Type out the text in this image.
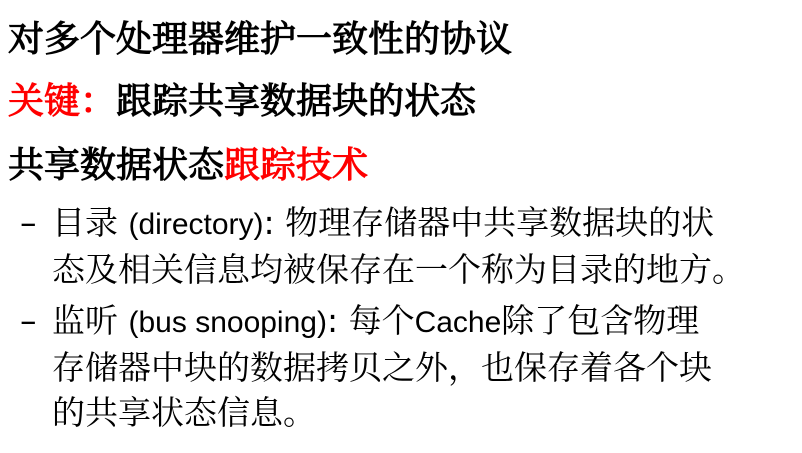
对多个处理器维护一致性的协议
关键：跟踪共享数据块的状态
共享数据状态跟踪技术
– 目录 (directory): 物理存储器中共享数据块的状
态及相关信息均被保存在一个称为目录的地方。
– 监听 (bus snooping): 每个Cache除了包含物理
存储器中块的数据拷贝之外，也保存着各个块
的共享状态信息。
